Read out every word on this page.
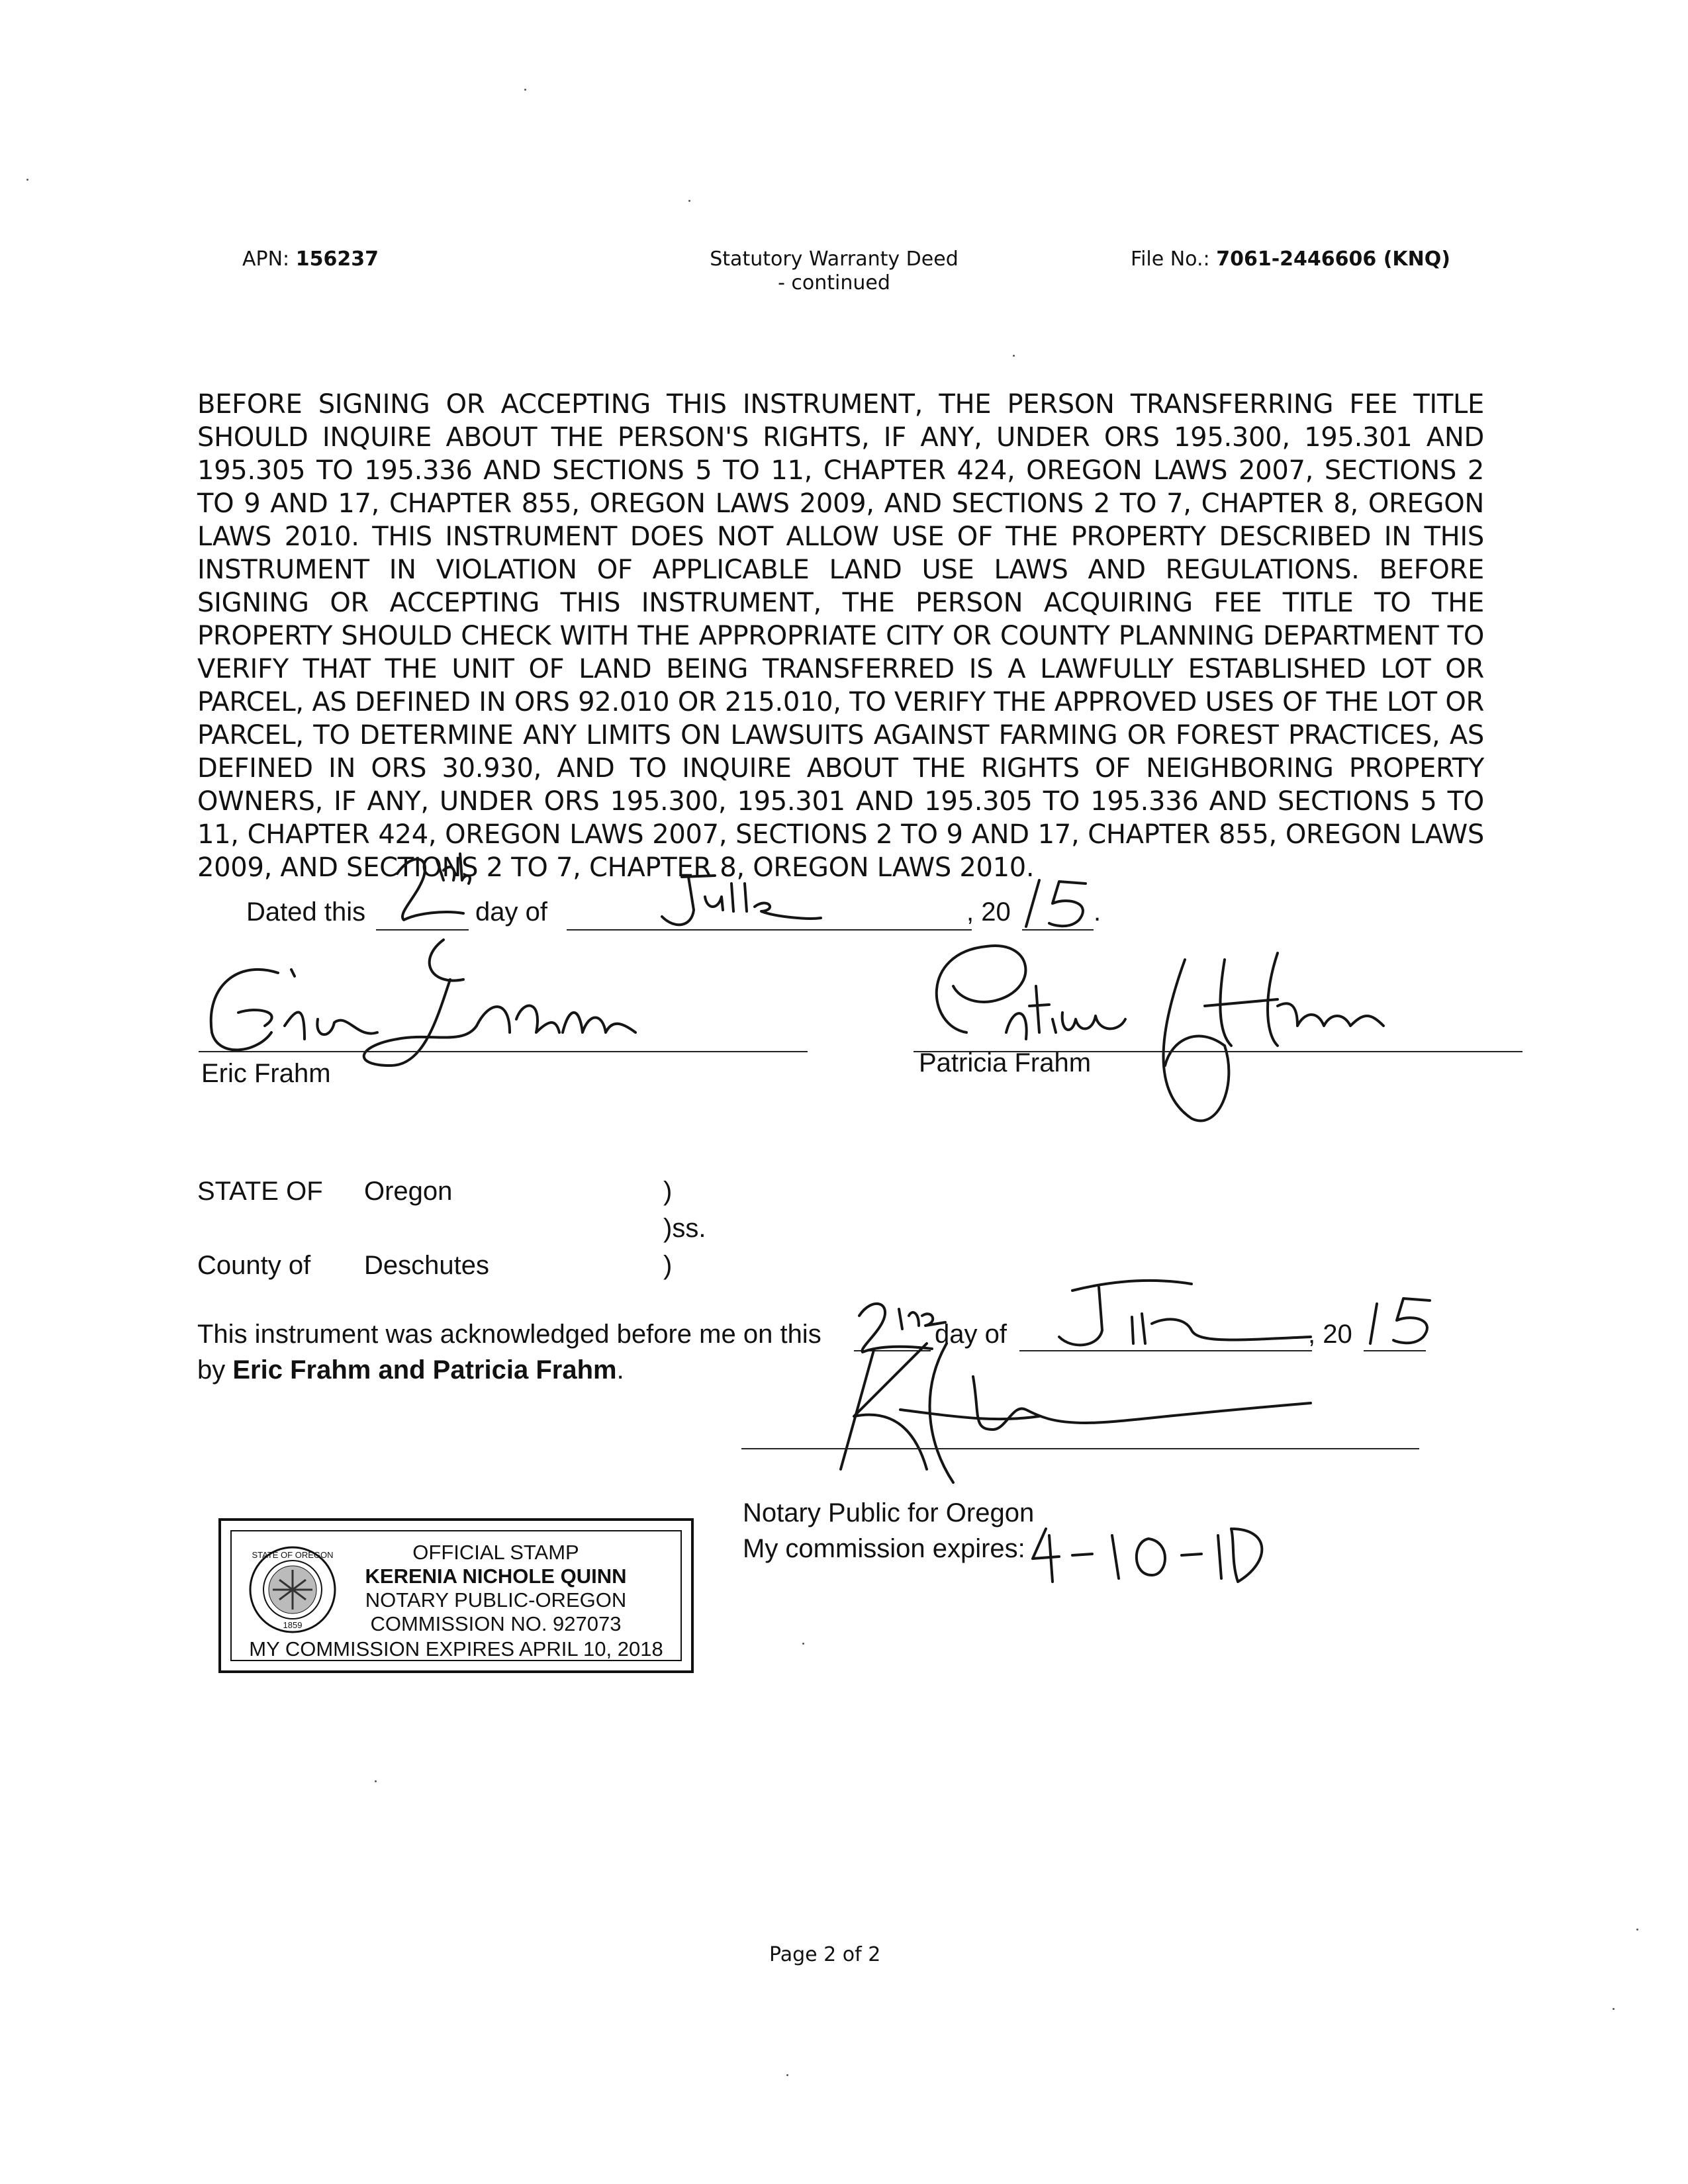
APN: 156237	Statutory Warranty Deed
- continued
File No.: 7061-2446606 (KNQ)

BEFORE SIGNING OR ACCEPTING THIS INSTRUMENT, THE PERSON TRANSFERRING FEE TITLE SHOULD INQUIRE ABOUT THE PERSON'S RIGHTS, IF ANY, UNDER ORS 195.300, 195.301 AND 195.305 TO 195.336 AND SECTIONS 5 TO 11, CHAPTER 424, OREGON LAWS 2007, SECTIONS 2 TO 9 AND 17, CHAPTER 855, OREGON LAWS 2009, AND SECTIONS 2 TO 7, CHAPTER 8, OREGON LAWS 2010. THIS INSTRUMENT DOES NOT ALLOW USE OF THE PROPERTY DESCRIBED IN THIS INSTRUMENT IN VIOLATION OF APPLICABLE LAND USE LAWS AND REGULATIONS. BEFORE SIGNING OR ACCEPTING THIS INSTRUMENT, THE PERSON ACQUIRING FEE TITLE TO THE PROPERTY SHOULD CHECK WITH THE APPROPRIATE CITY OR COUNTY PLANNING DEPARTMENT TO VERIFY THAT THE UNIT OF LAND BEING TRANSFERRED IS A LAWFULLY ESTABLISHED LOT OR PARCEL, AS DEFINED IN ORS 92.010 OR 215.010, TO VERIFY THE APPROVED USES OF THE LOT OR PARCEL, TO DETERMINE ANY LIMITS ON LAWSUITS AGAINST FARMING OR FOREST PRACTICES, AS DEFINED IN ORS 30.930, AND TO INQUIRE ABOUT THE RIGHTS OF NEIGHBORING PROPERTY OWNERS, IF ANY, UNDER ORS 195.300, 195.301 AND 195.305 TO 195.336 AND SECTIONS 5 TO 11, CHAPTER 424, OREGON LAWS 2007, SECTIONS 2 TO 9 AND 17, CHAPTER 855, OREGON LAWS 2009, AND SECTIONS 2 TO 7, CHAPTER 8, OREGON LAWS 2010.

Dated this	day of	, 20	.
Eric Frahm	Patricia Frahm
STATE OF Oregon	)
)ss.
County of Deschutes	)
This instrument was acknowledged before me on this	day of	, 20
by Eric Frahm and Patricia Frahm.
Notary Public for Oregon
My commission expires:
STATE OF OREGON
1859
OFFICIAL STAMP
KERENIA NICHOLE QUINN
NOTARY PUBLIC-OREGON
COMMISSION NO. 927073
MY COMMISSION EXPIRES APRIL 10, 2018
Page 2 of 2
